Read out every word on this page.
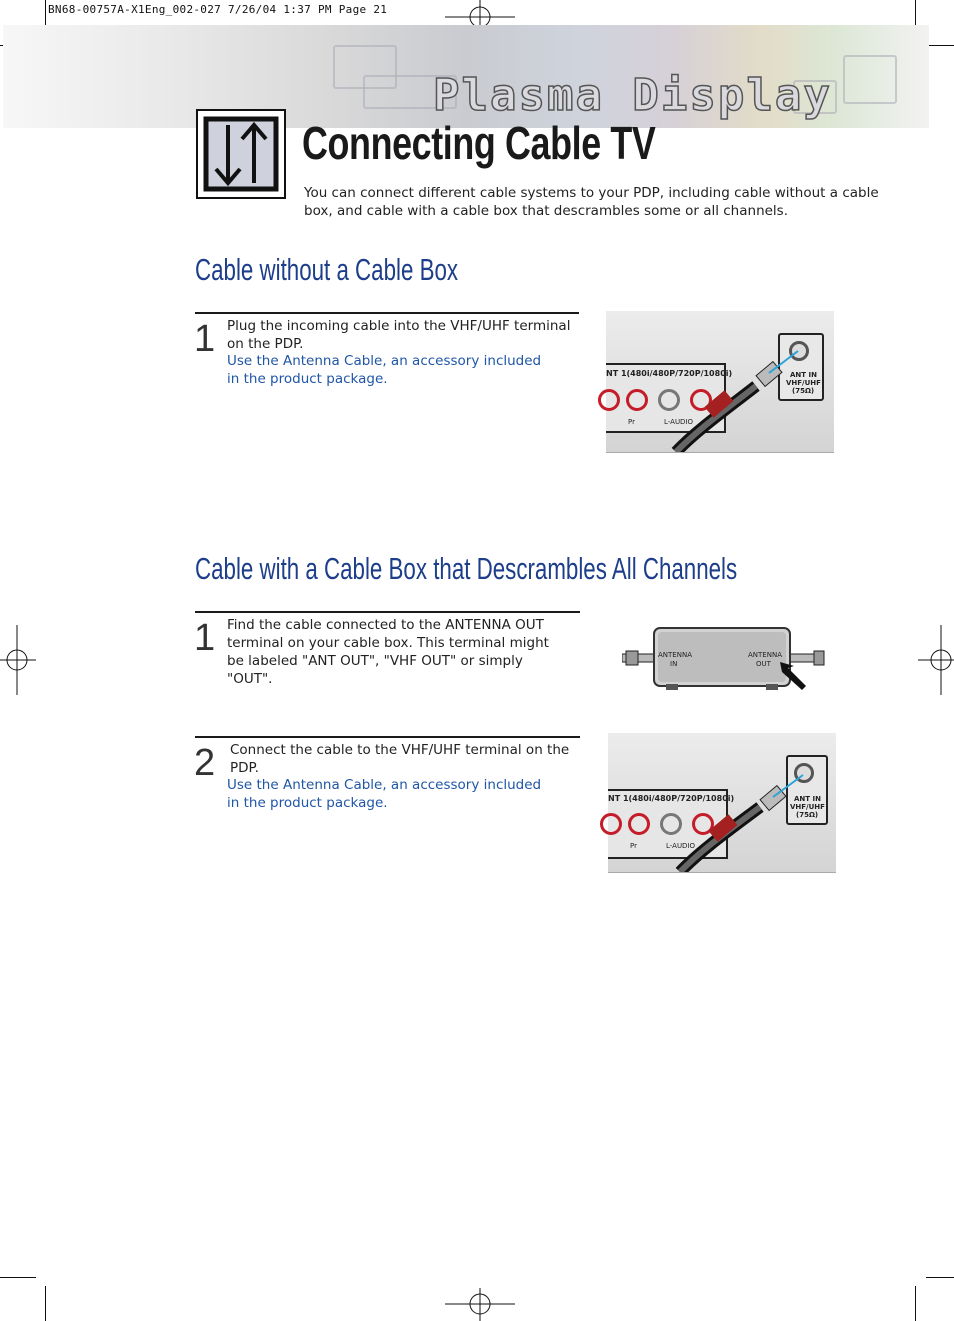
BN68-00757A-X1Eng_002-027 7/26/04 1:37 PM Page 21
Plasma Display
Connecting Cable TV
You can connect different cable systems to your PDP, including cable without a cable box, and cable with a cable box that descrambles some or all channels.
Cable without a Cable Box
1 Plug the incoming cable into the VHF/UHF terminal on the PDP.
Use the Antenna Cable, an accessory included
in the product package.	NT 1(480i/480P/720P/1080i)
Pr	L-AUDIO
ANT IN
VHF/UHF
(75Ω)
Cable with a Cable Box that Descrambles All Channels
1 Find the cable connected to the ANTENNA OUT terminal on your cable box. This terminal might be labeled "ANT OUT", "VHF OUT" or simply "OUT".
ANTENNA
IN
ANTENNA
OUT
2 Connect the cable to the VHF/UHF terminal on the PDP.
Use the Antenna Cable, an accessory included
in the product package.	NT 1(480i/480P/720P/1080i)
Pr	L-AUDIO
ANT IN
VHF/UHF
(75Ω)
